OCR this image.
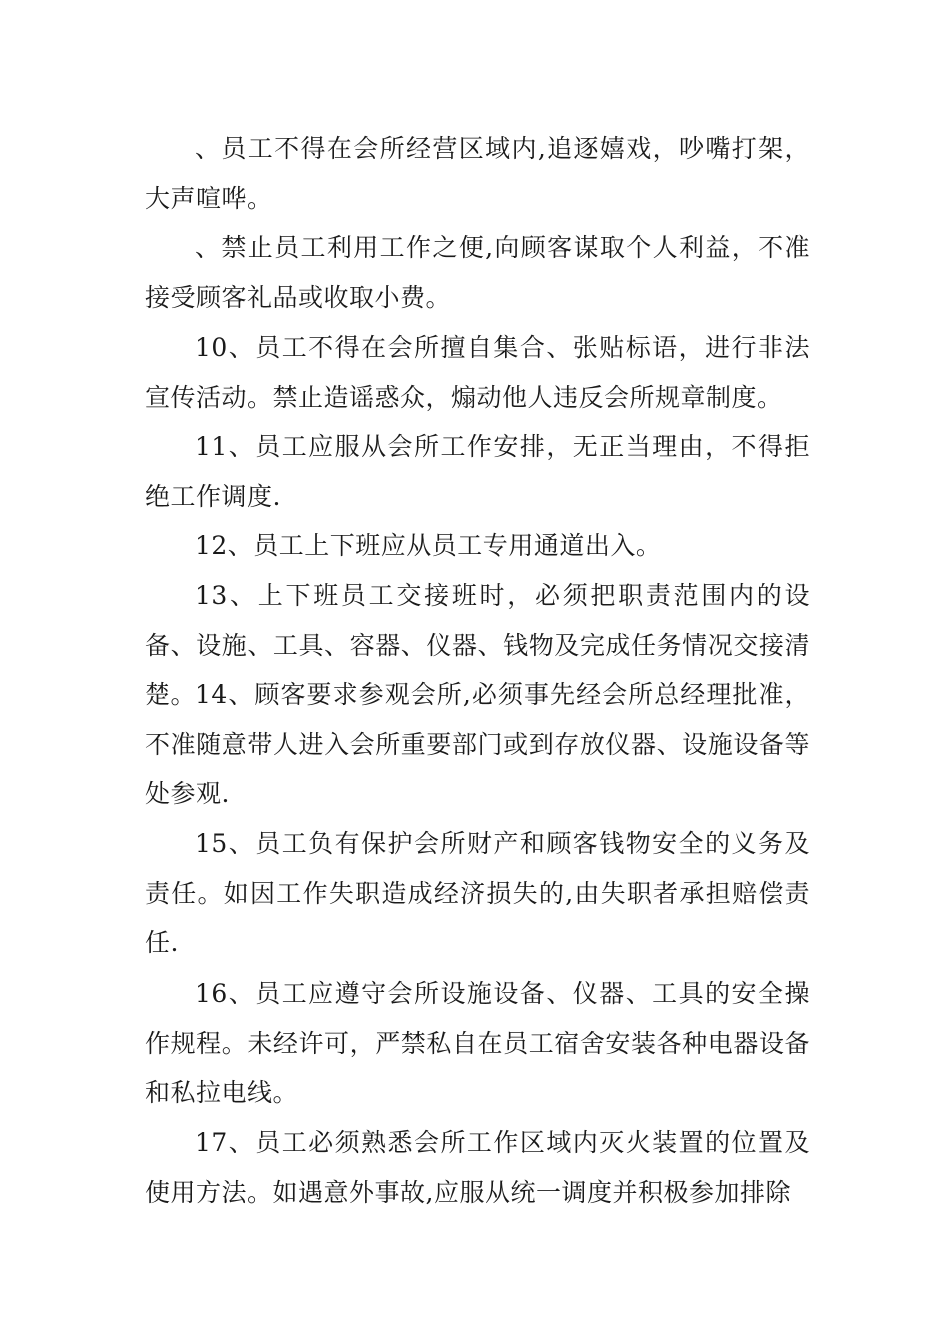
、员工不得在会所经营区域内,追逐嬉戏，吵嘴打架，大声喧哗。

、禁止员工利用工作之便,向顾客谋取个人利益，不准接受顾客礼品或收取小费。

10、员工不得在会所擅自集合、张贴标语，进行非法宣传活动。禁止造谣惑众，煽动他人违反会所规章制度。

11、员工应服从会所工作安排，无正当理由，不得拒绝工作调度.

12、员工上下班应从员工专用通道出入。

13、上下班员工交接班时，必须把职责范围内的设备、设施、工具、容器、仪器、钱物及完成任务情况交接清楚。

14、顾客要求参观会所,必须事先经会所总经理批准，不准随意带人进入会所重要部门或到存放仪器、设施设备等处参观.

15、员工负有保护会所财产和顾客钱物安全的义务及责任。如因工作失职造成经济损失的,由失职者承担赔偿责任.

16、员工应遵守会所设施设备、仪器、工具的安全操作规程。未经许可，严禁私自在员工宿舍安装各种电器设备和私拉电线。

17、员工必须熟悉会所工作区域内灭火装置的位置及使用方法。如遇意外事故,应服从统一调度并积极参加排除
